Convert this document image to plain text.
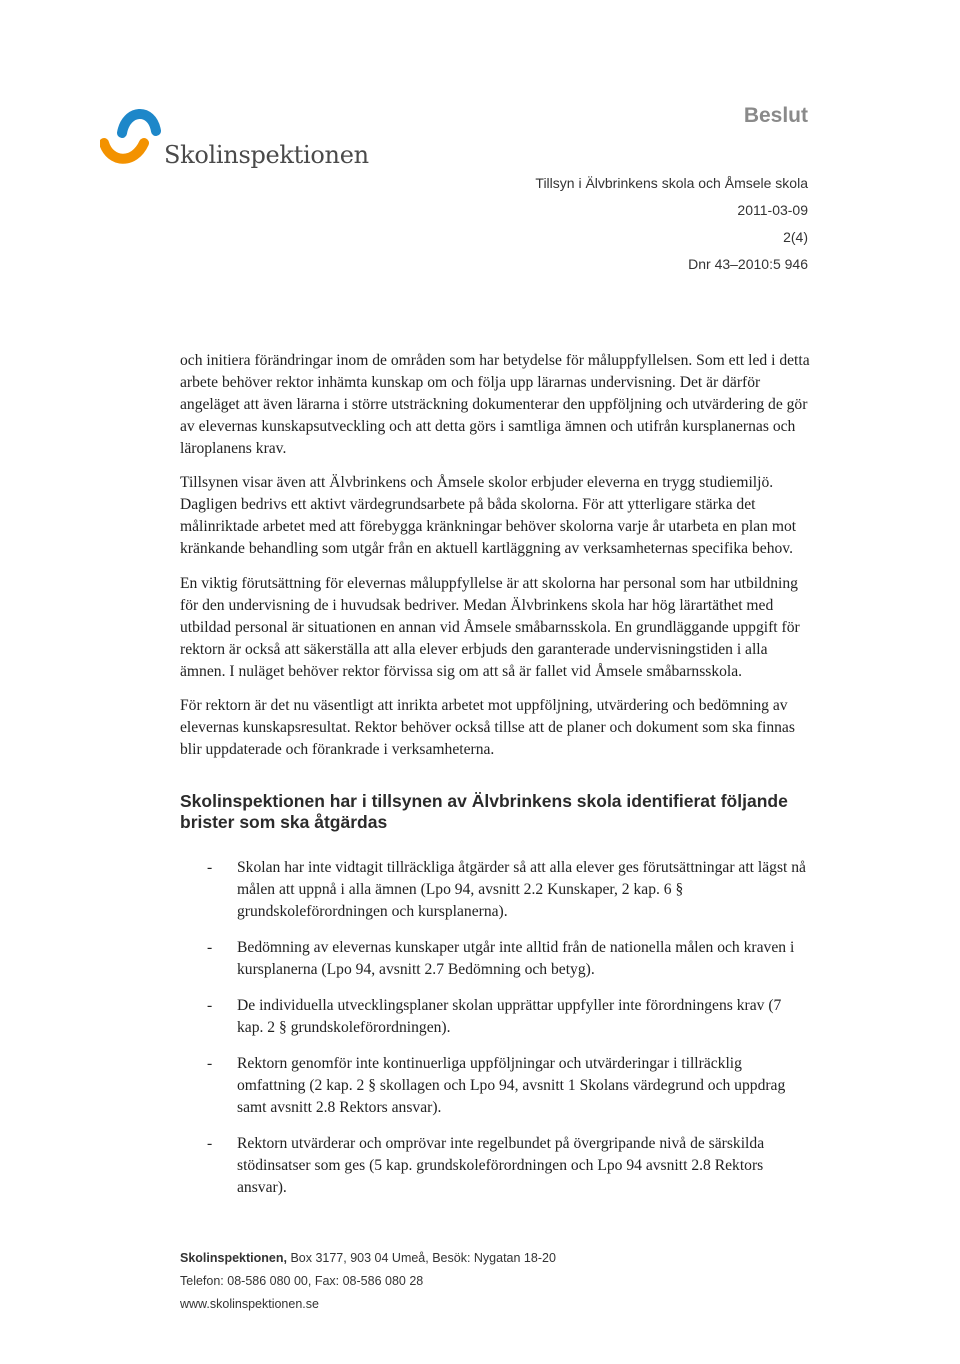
Skolinspektionen
Beslut
Tillsyn i Älvbrinkens skola och Åmsele skola
2011-03-09
2(4)
Dnr 43–2010:5 946

och initiera förändringar inom de områden som har betydelse för måluppfyllelsen. Som ett led i detta arbete behöver rektor inhämta kunskap om och följa upp lärarnas undervisning. Det är därför angeläget att även lärarna i större utsträckning dokumenterar den uppföljning och utvärdering de gör av elevernas kunskapsutveckling och att detta görs i samtliga ämnen och utifrån kursplanernas och läroplanens krav.

Tillsynen visar även att Älvbrinkens och Åmsele skolor erbjuder eleverna en trygg studiemiljö. Dagligen bedrivs ett aktivt värdegrundsarbete på båda skolorna. För att ytterligare stärka det målinriktade arbetet med att förebygga kränkningar behöver skolorna varje år utarbeta en plan mot kränkande behandling som utgår från en aktuell kartläggning av verksamheternas specifika behov.

En viktig förutsättning för elevernas måluppfyllelse är att skolorna har personal som har utbildning för den undervisning de i huvudsak bedriver. Medan Älvbrinkens skola har hög lärartäthet med utbildad personal är situationen en annan vid Åmsele småbarnsskola. En grundläggande uppgift för rektorn är också att säkerställa att alla elever erbjuds den garanterade undervisningstiden i alla ämnen. I nuläget behöver rektor förvissa sig om att så är fallet vid Åmsele småbarnsskola.

För rektorn är det nu väsentligt att inrikta arbetet mot uppföljning, utvärdering och bedömning av elevernas kunskapsresultat. Rektor behöver också tillse att de planer och dokument som ska finnas blir uppdaterade och förankrade i verksamheterna.

Skolinspektionen har i tillsynen av Älvbrinkens skola identifierat följande brister som ska åtgärdas
- Skolan har inte vidtagit tillräckliga åtgärder så att alla elever ges förutsättningar att lägst nå målen att uppnå i alla ämnen (Lpo 94, avsnitt 2.2 Kunskaper, 2 kap. 6 § grundskoleförordningen och kursplanerna).
- Bedömning av elevernas kunskaper utgår inte alltid från de nationella målen och kraven i kursplanerna (Lpo 94, avsnitt 2.7 Bedömning och betyg).
- De individuella utvecklingsplaner skolan upprättar uppfyller inte förordningens krav (7 kap. 2 § grundskoleförordningen).
- Rektorn genomför inte kontinuerliga uppföljningar och utvärderingar i tillräcklig omfattning (2 kap. 2 § skollagen och Lpo 94, avsnitt 1 Skolans värdegrund och uppdrag samt avsnitt 2.8 Rektors ansvar).
- Rektorn utvärderar och omprövar inte regelbundet på övergripande nivå de särskilda stödinsatser som ges (5 kap. grundskoleförordningen och Lpo 94 avsnitt 2.8 Rektors ansvar).
Skolinspektionen, Box 3177, 903 04 Umeå, Besök: Nygatan 18-20
Telefon: 08-586 080 00, Fax: 08-586 080 28
www.skolinspektionen.se
